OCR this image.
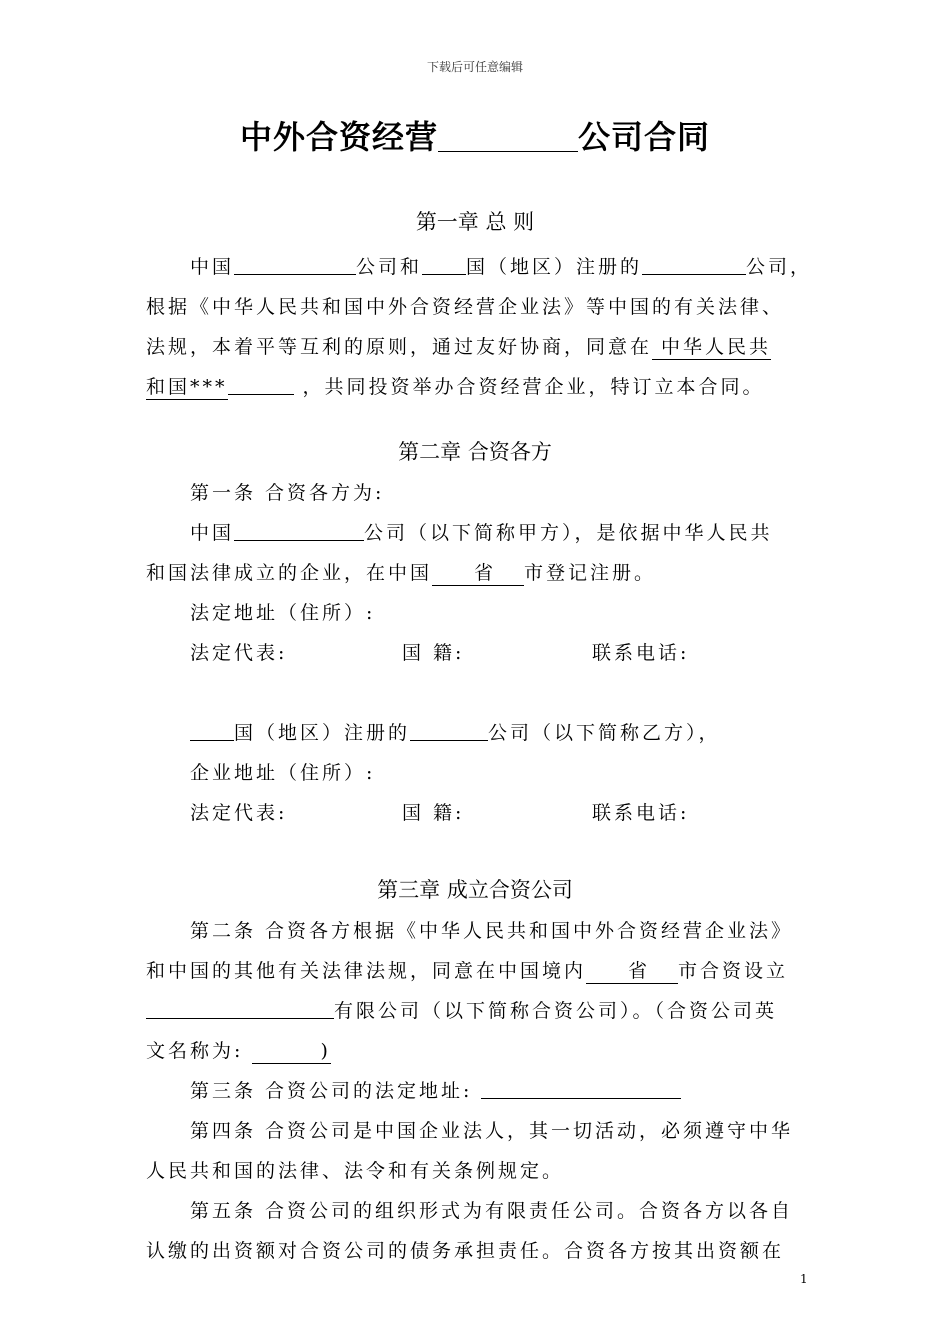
下载后可任意编辑
中外合资经营	公司合同
第一章 总 则
中国	公司和 国（地区）注册的	公司，
根据《中华人民共和国中外合资经营企业法》等中国的有关法律、
法规，本着平等互利的原则，通过友好协商，同意在 中华人民共
和国***	，共同投资举办合资经营企业，特订立本合同。
第二章 合资各方
第一条 合资各方为:
中国	公司（以下简称甲方），是依据中华人民共
和国法律成立的企业，在中国 省 市登记注册。
法定地址（住所）:
法定代表:	国 籍:	联系电话:
国（地区）注册的	公司（以下简称乙方），
企业地址（住所）:
法定代表:	国 籍:	联系电话:
第三章 成立合资公司
第二条 合资各方根据《中华人民共和国中外合资经营企业法》
和中国的其他有关法律法规，同意在中国境内 省 市合资设立
有限公司（以下简称合资公司）。（合资公司英
文名称为:	)
第三条 合资公司的法定地址:
第四条 合资公司是中国企业法人，其一切活动，必须遵守中华
人民共和国的法律、法令和有关条例规定。
第五条 合资公司的组织形式为有限责任公司。合资各方以各自
认缴的出资额对合资公司的债务承担责任。合资各方按其出资额在
1
